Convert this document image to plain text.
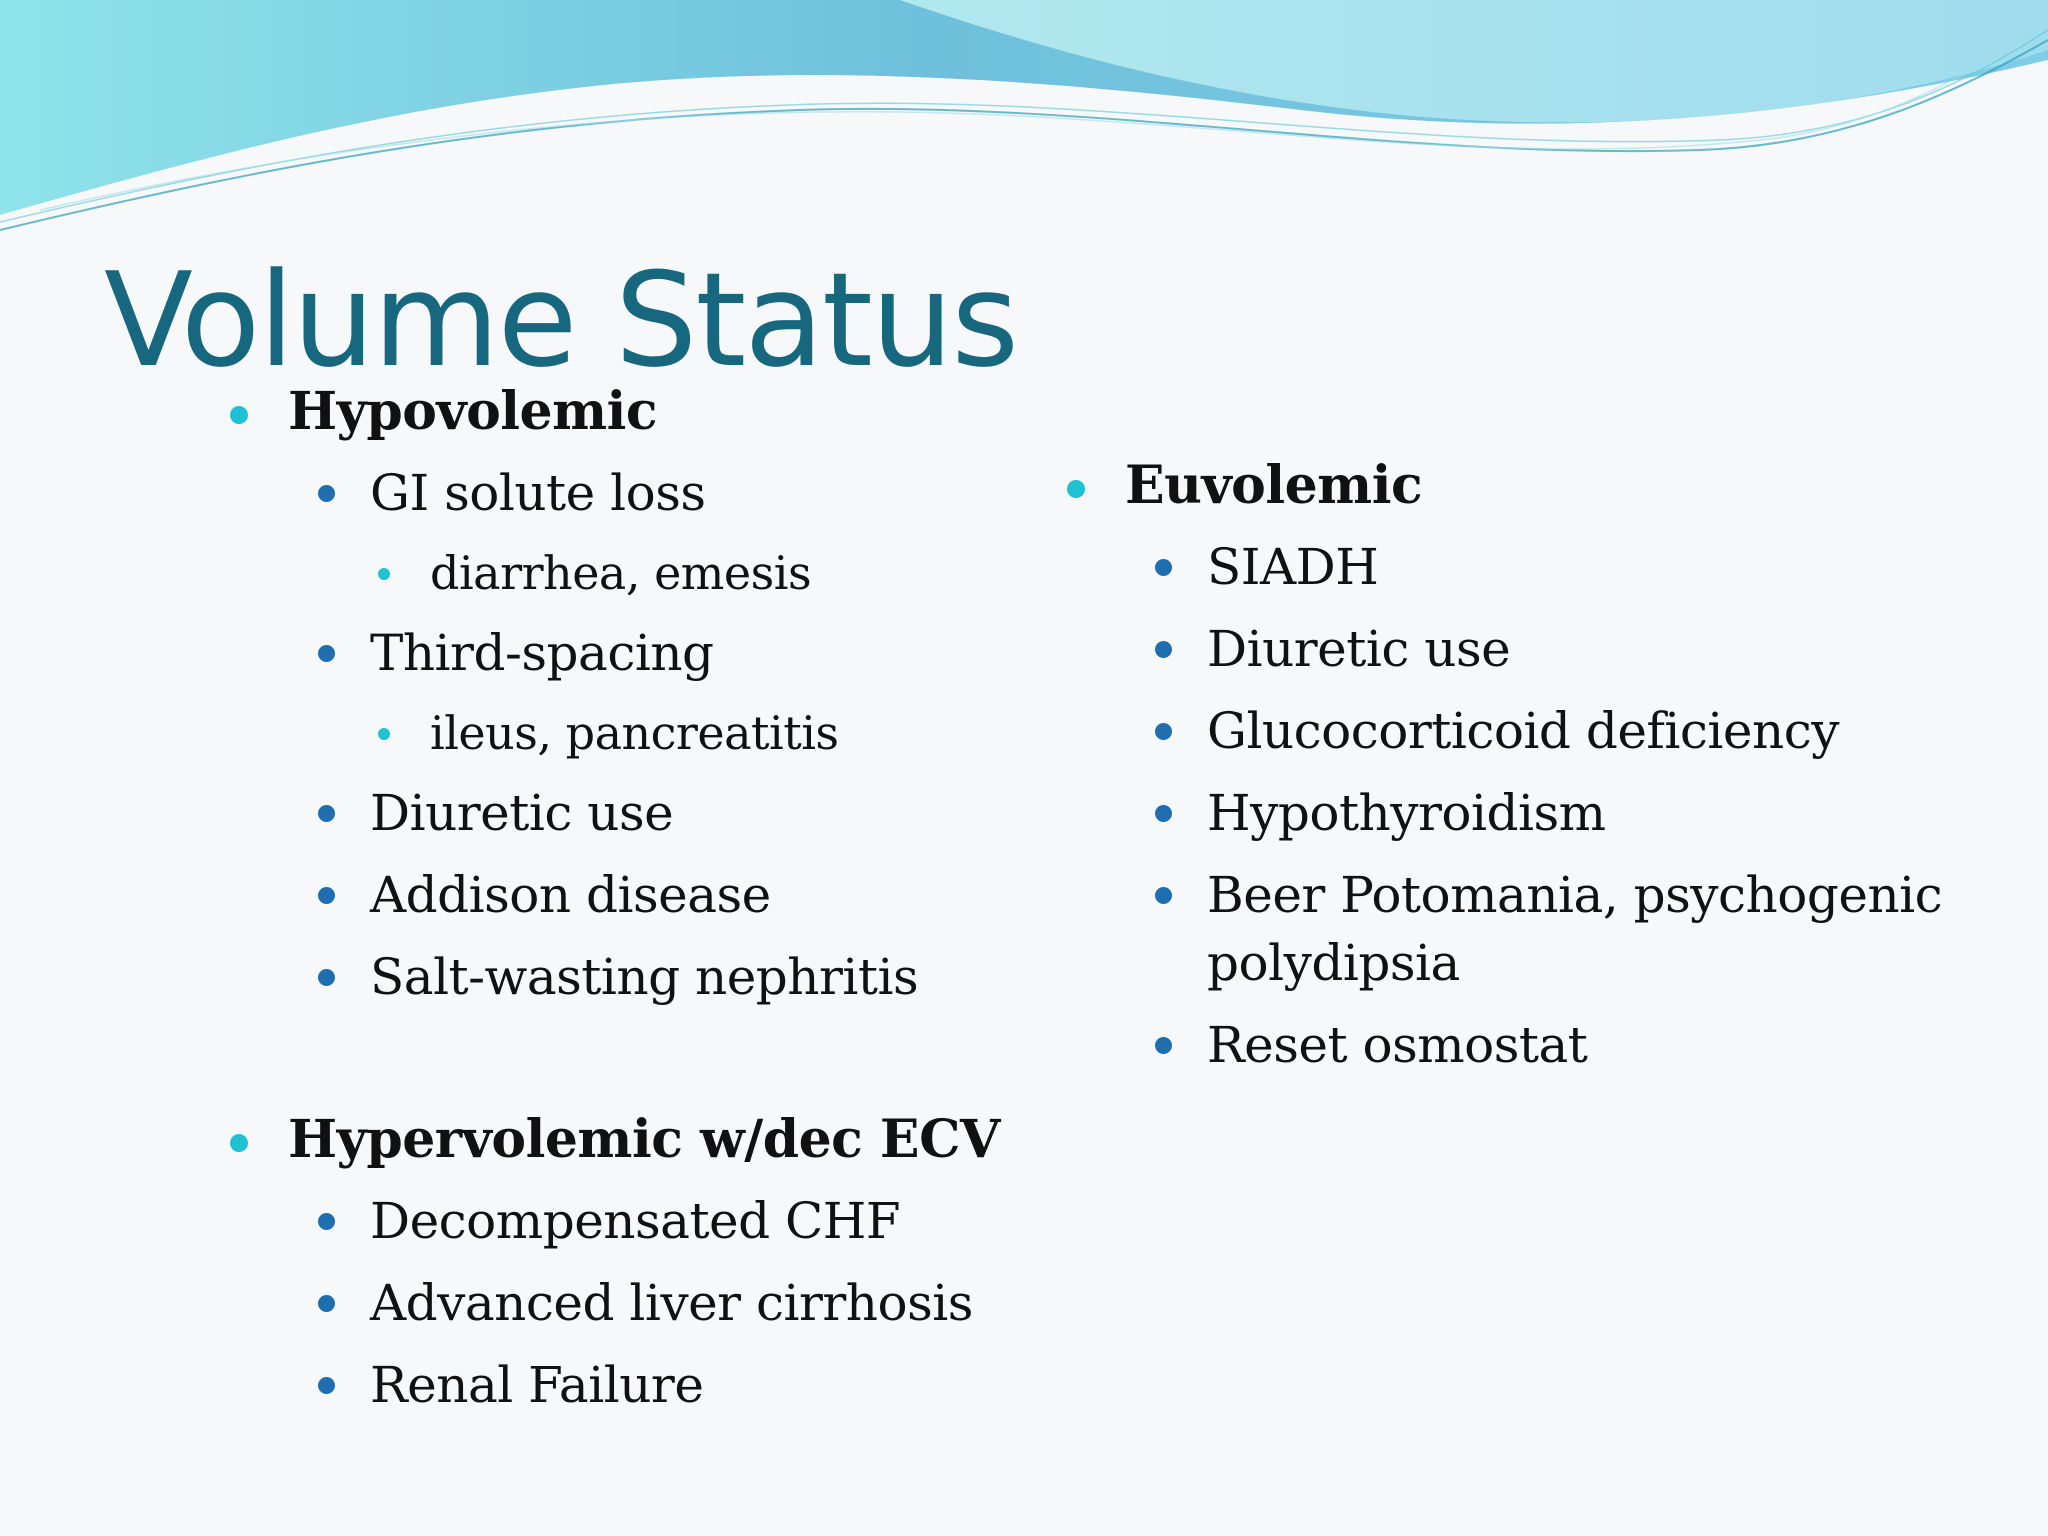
Volume Status
Hypovolemic
GI solute loss
diarrhea, emesis
Third-spacing
ileus, pancreatitis
Diuretic use
Addison disease
Salt-wasting nephritis
Hypervolemic w/dec ECV
Decompensated CHF
Advanced liver cirrhosis
Renal Failure
Euvolemic
SIADH
Diuretic use
Glucocorticoid deficiency
Hypothyroidism
Beer Potomania, psychogenic polydipsia
Reset osmostat
